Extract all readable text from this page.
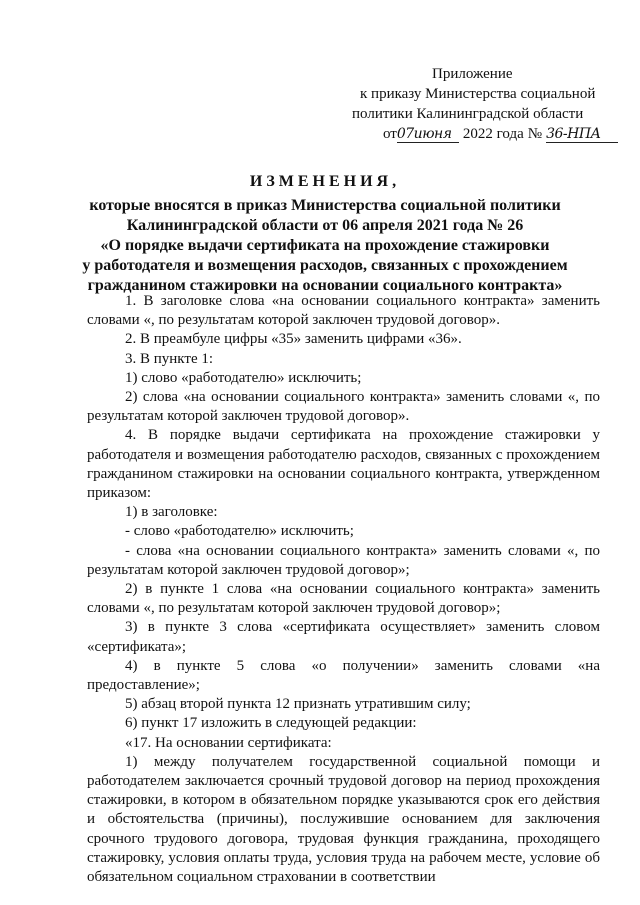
Приложение
к приказу Министерства социальной
политики Калининградской области
от07июня 2022 года № 36-НПА
ИЗМЕНЕНИЯ,
которые вносятся в приказ Министерства социальной политики
Калининградской области от 06 апреля 2021 года № 26
«О порядке выдачи сертификата на прохождение стажировки
у работодателя и возмещения расходов, связанных с прохождением
гражданином стажировки на основании социального контракта»

1. В заголовке слова «на основании социального контракта» заменить словами «, по результатам которой заключен трудовой договор».

2. В преамбуле цифры «35» заменить цифрами «36».

3. В пункте 1:

1) слово «работодателю» исключить;

2) слова «на основании социального контракта» заменить словами «, по результатам которой заключен трудовой договор».

4. В порядке выдачи сертификата на прохождение стажировки у работодателя и возмещения работодателю расходов, связанных с прохождением гражданином стажировки на основании социального контракта, утвержденном приказом:

1) в заголовке:

- слово «работодателю» исключить;

- слова «на основании социального контракта» заменить словами «, по результатам которой заключен трудовой договор»;

2) в пункте 1 слова «на основании социального контракта» заменить словами «, по результатам которой заключен трудовой договор»;

3) в пункте 3 слова «сертификата осуществляет» заменить словом «сертификата»;

4) в пункте 5 слова «о получении» заменить словами «на предоставление»;

5) абзац второй пункта 12 признать утратившим силу;

6) пункт 17 изложить в следующей редакции:

«17. На основании сертификата:

1) между получателем государственной социальной помощи и работодателем заключается срочный трудовой договор на период прохождения стажировки, в котором в обязательном порядке указываются срок его действия и обстоятельства (причины), послужившие основанием для заключения срочного трудового договора, трудовая функция гражданина, проходящего стажировку, условия оплаты труда, условия труда на рабочем месте, условие об обязательном социальном страховании в соответствии
